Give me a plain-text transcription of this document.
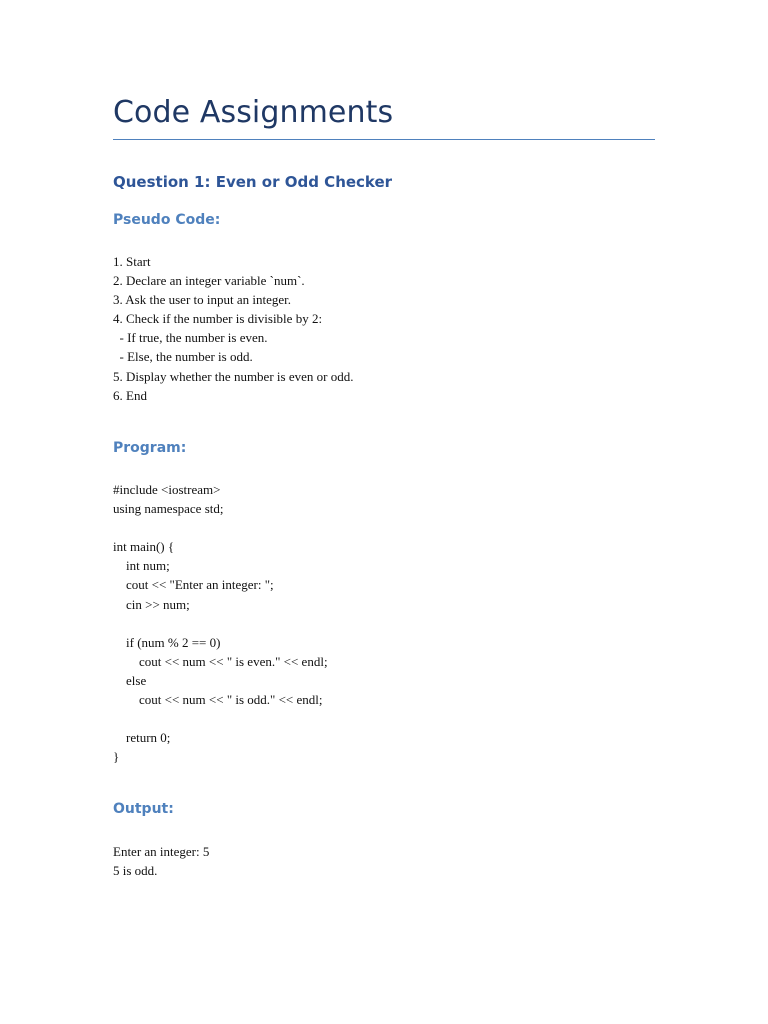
Code Assignments
Question 1: Even or Odd Checker
Pseudo Code:
1. Start
2. Declare an integer variable `num`.
3. Ask the user to input an integer.
4. Check if the number is divisible by 2:
- If true, the number is even.
- Else, the number is odd.
5. Display whether the number is even or odd.
6. End
Program:
#include <iostream>
using namespace std;
int main() {
int num;
cout << "Enter an integer: ";
cin >> num;
if (num % 2 == 0)
cout << num << " is even." << endl;
else
cout << num << " is odd." << endl;
return 0;
}
Output:
Enter an integer: 5
5 is odd.
